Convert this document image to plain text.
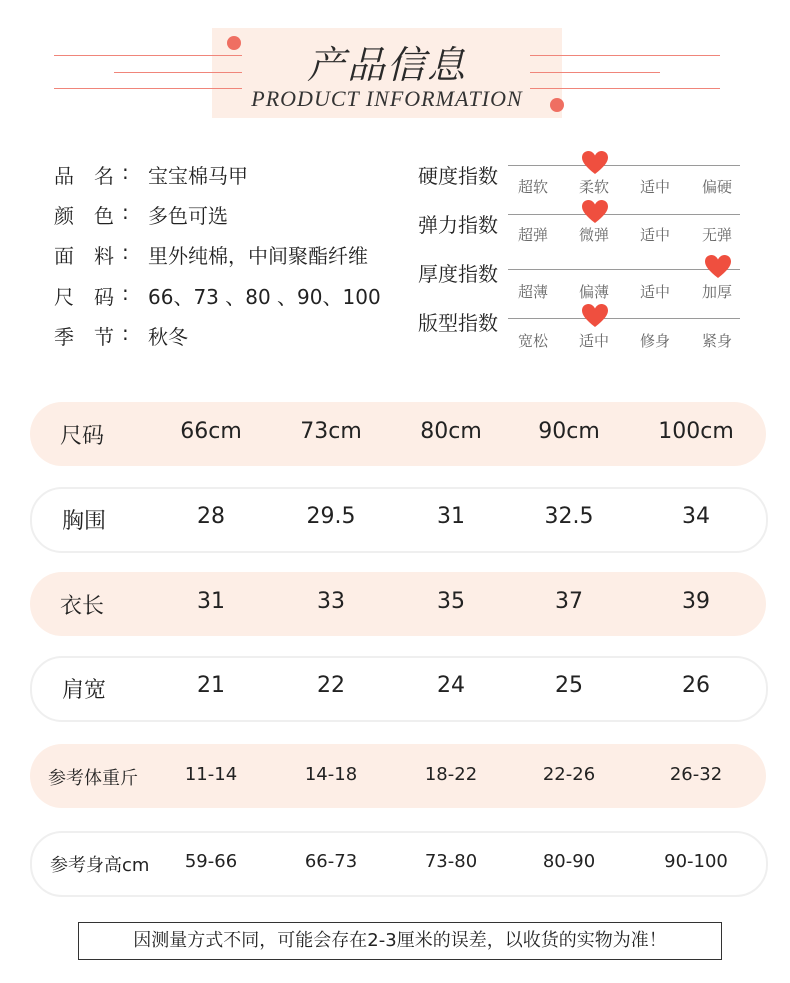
产品信息
PRODUCT INFORMATION
品　名 : 宝宝棉马甲
颜　色 : 多色可选
面　料 : 里外纯棉，中间聚酯纤维
尺　码 : 66、73 、80 、90、100
季　节 : 秋冬
硬度指数 超软 柔软 适中 偏硬
弹力指数 超弹 微弹 适中 无弹
厚度指数
超薄 偏薄 适中 加厚
版型指数
宽松 适中 修身 紧身
尺码	66cm	73cm	80cm	90cm	100cm
胸围	28	29.5	31	32.5	34
衣长	31	33	35	37	39
肩宽	21	22	24	25	26
参考体重斤	11-14	14-18	18-22	22-26	26-32
参考身高cm 59-66	66-73	73-80	80-90	90-100
因测量方式不同，可能会存在2-3厘米的误差，以收货的实物为准！
